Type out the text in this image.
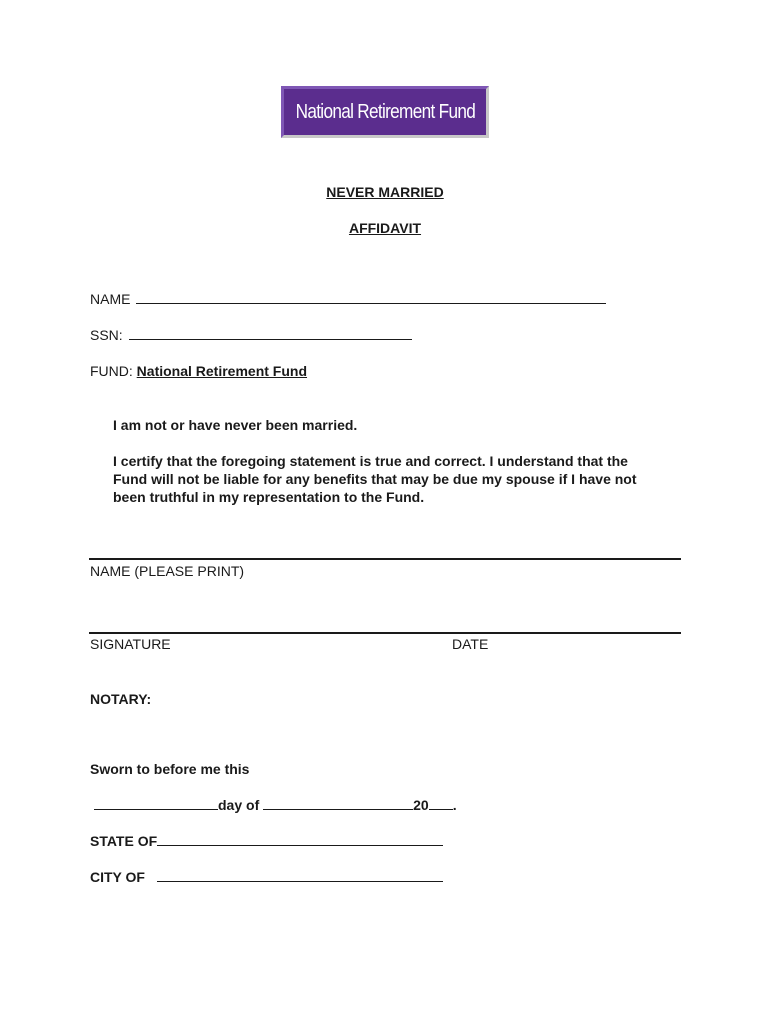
National Retirement Fund
NEVER MARRIED
AFFIDAVIT
NAME
SSN:
FUND: National Retirement Fund
I am not or have never been married.
I certify that the foregoing statement is true and correct. I understand that the
Fund will not be liable for any benefits that may be due my spouse if I have not
been truthful in my representation to the Fund.
NAME (PLEASE PRINT)
SIGNATURE	DATE
NOTARY:
Sworn to before me this
day of	20 .
STATE OF
CITY OF
